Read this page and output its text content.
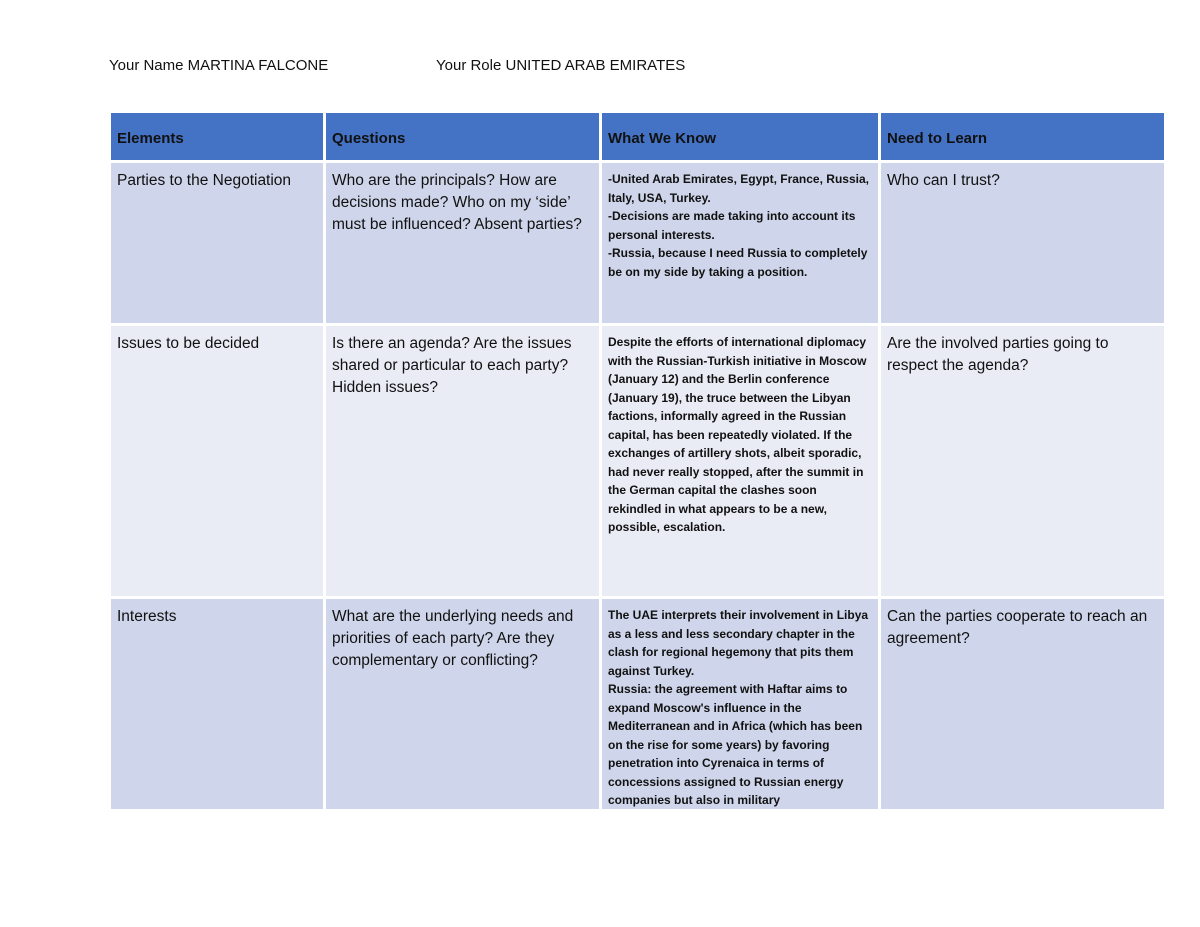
Your Name MARTINA FALCONE	Your Role UNITED ARAB EMIRATES
Elements	Questions	What We Know	Need to Learn

Parties to the Negotiation	Who are the principals? How are decisions made? Who on my ‘side’ must be influenced? Absent parties?	-United Arab Emirates, Egypt, France, Russia, Italy, USA, Turkey.
-Decisions are made taking into account its personal interests.
-Russia, because I need Russia to completely be on my side by taking a position.	Who can I trust?

Issues to be decided	Is there an agenda? Are the issues shared or particular to each party? Hidden issues?	Despite the efforts of international diplomacy with the Russian-Turkish initiative in Moscow (January 12) and the Berlin conference (January 19), the truce between the Libyan factions, informally agreed in the Russian capital, has been repeatedly violated. If the exchanges of artillery shots, albeit sporadic, had never really stopped, after the summit in the German capital the clashes soon rekindled in what appears to be a new, possible, escalation.	Are the involved parties going to respect the agenda?

Interests	What are the underlying needs and priorities of each party? Are they complementary or conflicting?	The UAE interprets their involvement in Libya as a less and less secondary chapter in the clash for regional hegemony that pits them against Turkey.
Russia: the agreement with Haftar aims to expand Moscow's influence in the Mediterranean and in Africa (which has been on the rise for some years) by favoring penetration into Cyrenaica in terms of concessions assigned to Russian energy companies but also in military	Can the parties cooperate to reach an agreement?
